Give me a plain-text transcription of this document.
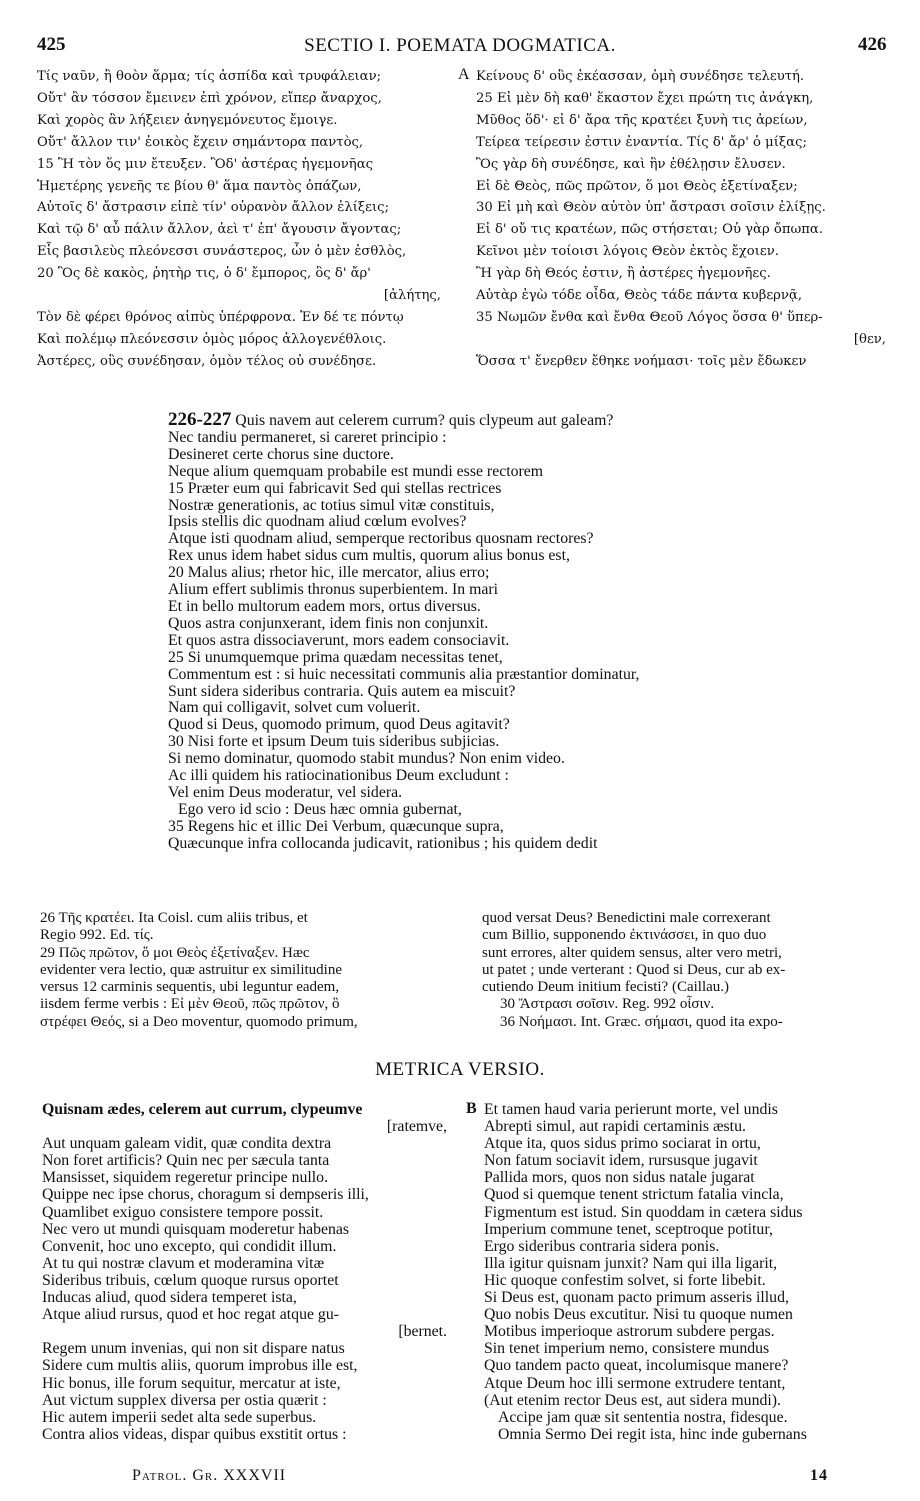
425	SECTIO I. POEMATA DOGMATICA.	426
Τίς ναῦν, ἢ θοὸν ἅρμα; τίς ἀσπίδα καὶ τρυφάλειαν;
Οὔτ' ἂν τόσσον ἔμεινεν ἐπὶ χρόνον, εἴπερ ἄναρχος,
Καὶ χορὸς ἂν λήξειεν ἀνηγεμόνευτος ἔμοιγε.
Οὔτ' ἄλλον τιν' ἐοικὸς ἔχειν σημάντορα παντὸς,
15 Ἢ τὸν ὅς μιν ἔτευξεν. Ὃδ' ἀστέρας ἡγεμονῆας
Ἡμετέρης γενεῆς τε βίου θ' ἅμα παντὸς ὀπάζων,
Αὐτοῖς δ' ἄστρασιν εἰπὲ τίν' οὐρανὸν ἄλλον ἐλίξεις;
Καὶ τῷ δ' αὖ πάλιν ἄλλον, ἀεὶ τ' ἐπ' ἄγουσιν ἄγοντας;
Εἷς βασιλεὺς πλεόνεσσι συνάστερος, ὧν ὁ μὲν ἐσθλὸς,
20 Ὃς δὲ κακὸς, ῥητὴρ τις, ὁ δ' ἔμπορος, ὃς δ' ἄρ'
[ἀλήτης,
Τὸν δὲ φέρει θρόνος αἰπὺς ὑπέρφρονα. Ἐν δέ τε πόντῳ
Καὶ πολέμῳ πλεόνεσσιν ὁμὸς μόρος ἀλλογενέθλοις.
Ἀστέρες, οὓς συνέδησαν, ὁμὸν τέλος οὐ συνέδησε.
A Κείνους δ' οὓς ἐκέασσαν, ὁμὴ συνέδησε τελευτή.
25 Εἰ μὲν δὴ καθ' ἕκαστον ἔχει πρώτη τις ἀνάγκη,
Μῦθος ὅδ'· εἰ δ' ἄρα τῆς κρατέει ξυνὴ τις ἀρείων,
Τείρεα τείρεσιν ἐστιν ἐναντία. Τίς δ' ἄρ' ὁ μίξας;
Ὃς γὰρ δὴ συνέδησε, καὶ ἣν ἐθέλῃσιν ἔλυσεν.
Εἰ δὲ Θεὸς, πῶς πρῶτον, ὅ μοι Θεὸς ἐξετίναξεν;
30 Εἰ μὴ καὶ Θεὸν αὐτὸν ὑπ' ἄστρασι σοῖσιν ἐλίξῃς.
Εἰ δ' οὔ τις κρατέων, πῶς στήσεται; Οὐ γὰρ ὄπωπα.
Κεῖνοι μὲν τοίοισι λόγοις Θεὸν ἐκτὸς ἔχοιεν.
Ἢ γὰρ δὴ Θεός ἐστιν, ἢ ἀστέρες ἡγεμονῆες.
Αὐτὰρ ἐγὼ τόδε οἶδα, Θεὸς τάδε πάντα κυβερνᾷ,
35 Νωμῶν ἔνθα καὶ ἔνθα Θεοῦ Λόγος ὅσσα θ' ὕπερ-
[θεν,
Ὅσσα τ' ἔνερθεν ἔθηκε νοήμασι· τοῖς μὲν ἔδωκεν
226-227 Quis navem aut celerem currum? quis clypeum aut galeam?
Nec tandiu permaneret, si careret principio :
Desineret certe chorus sine ductore.
Neque alium quemquam probabile est mundi esse rectorem
15 Præter eum qui fabricavit Sed qui stellas rectrices
Nostræ generationis, ac totius simul vitæ constituis,
Ipsis stellis dic quodnam aliud cœlum evolves?
Atque isti quodnam aliud, semperque rectoribus quosnam rectores?
Rex unus idem habet sidus cum multis, quorum alius bonus est,
20 Malus alius; rhetor hic, ille mercator, alius erro;
Alium effert sublimis thronus superbientem. In mari
Et in bello multorum eadem mors, ortus diversus.
Quos astra conjunxerant, idem finis non conjunxit.
Et quos astra dissociaverunt, mors eadem consociavit.
25 Si unumquemque prima quædam necessitas tenet,
Commentum est : si huic necessitati communis alia præstantior dominatur,
Sunt sidera sideribus contraria. Quis autem ea miscuit?
Nam qui colligavit, solvet cum voluerit.
Quod si Deus, quomodo primum, quod Deus agitavit?
30 Nisi forte et ipsum Deum tuis sideribus subjicias.
Si nemo dominatur, quomodo stabit mundus? Non enim video.
Ac illi quidem his ratiocinationibus Deum excludunt :
Vel enim Deus moderatur, vel sidera.
Ego vero id scio : Deus hæc omnia gubernat,
35 Regens hic et illic Dei Verbum, quæcunque supra,
Quæcunque infra collocanda judicavit, rationibus ; his quidem dedit
26 Τῆς κρατέει. Ita Coisl. cum aliis tribus, et
Regio 992. Ed. τίς.
29 Πῶς πρῶτον, ὅ μοι Θεὸς ἐξετίναξεν. Hæc
evidenter vera lectio, quæ astruitur ex similitudine
versus 12 carminis sequentis, ubi leguntur eadem,
iisdem ferme verbis : Εἰ μὲν Θεοῦ, πῶς πρῶτον, ὃ
στρέφει Θεός, si a Deo moventur, quomodo primum,
quod versat Deus? Benedictini male correxerant
cum Billio, supponendo ἐκτινάσσει, in quo duo
sunt errores, alter quidem sensus, alter vero metri,
ut patet ; unde verterant : Quod si Deus, cur ab ex-
cutiendo Deum initium fecisti? (Caillau.)
30 Ἄστρασι σοῖσιν. Reg. 992 οἶσιν.
36 Νοήμασι. Int. Græc. σήμασι, quod ita expo-
METRICA VERSIO.
Quisnam ædes, celerem aut currum, clypeumve
[ratemve,
Aut unquam galeam vidit, quæ condita dextra
Non foret artificis? Quin nec per sæcula tanta
Mansisset, siquidem regeretur principe nullo.
Quippe nec ipse chorus, choragum si dempseris illi,
Quamlibet exiguo consistere tempore possit.
Nec vero ut mundi quisquam moderetur habenas
Convenit, hoc uno excepto, qui condidit illum.
At tu qui nostræ clavum et moderamina vitæ
Sideribus tribuis, cœlum quoque rursus oportet
Inducas aliud, quod sidera temperet ista,
Atque aliud rursus, quod et hoc regat atque gu-
[bernet.
Regem unum invenias, qui non sit dispare natus
Sidere cum multis aliis, quorum improbus ille est,
Hic bonus, ille forum sequitur, mercatur at iste,
Aut victum supplex diversa per ostia quærit :
Hic autem imperii sedet alta sede superbus.
Contra alios videas, dispar quibus exstitit ortus :
B Et tamen haud varia perierunt morte, vel undis
Abrepti simul, aut rapidi certaminis æstu.
Atque ita, quos sidus primo sociarat in ortu,
Non fatum sociavit idem, rursusque jugavit
Pallida mors, quos non sidus natale jugarat
Quod si quemque tenent strictum fatalia vincla,
Figmentum est istud. Sin quoddam in cætera sidus
Imperium commune tenet, sceptroque potitur,
Ergo sideribus contraria sidera ponis.
Illa igitur quisnam junxit? Nam qui illa ligarit,
Hic quoque confestim solvet, si forte libebit.
Si Deus est, quonam pacto primum asseris illud,
Quo nobis Deus excutitur. Nisi tu quoque numen
Motibus imperioque astrorum subdere pergas.
Sin tenet imperium nemo, consistere mundus
Quo tandem pacto queat, incolumisque manere?
Atque Deum hoc illi sermone extrudere tentant,
(Aut etenim rector Deus est, aut sidera mundi).
Accipe jam quæ sit sententia nostra, fidesque.
Omnia Sermo Dei regit ista, hinc inde gubernans
Patrol. Gr. XXXVII	14
